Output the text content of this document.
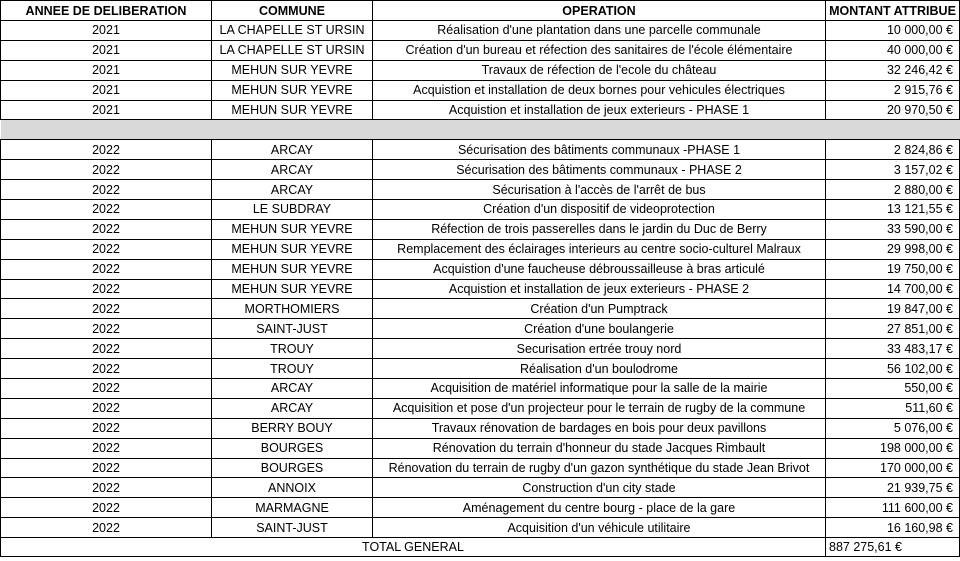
ANNEE DE DELIBERATION	COMMUNE	OPERATION	MONTANT ATTRIBUE
2021	LA CHAPELLE ST URSIN	Réalisation d'une plantation dans une parcelle communale	10 000,00 €
2021	LA CHAPELLE ST URSIN	Création d'un bureau et réfection des sanitaires de l'école élémentaire	40 000,00 €
2021	MEHUN SUR YEVRE	Travaux de réfection de l'ecole du château	32 246,42 €
2021	MEHUN SUR YEVRE	Acquistion et installation de deux bornes pour vehicules électriques	2 915,76 €
2021	MEHUN SUR YEVRE	Acquistion et installation de jeux exterieurs - PHASE 1	20 970,50 €

2022	ARCAY	Sécurisation des bâtiments communaux -PHASE 1	2 824,86 €
2022	ARCAY	Sécurisation des bâtiments communaux - PHASE 2	3 157,02 €
2022	ARCAY	Sécurisation à l'accès de l'arrêt de bus	2 880,00 €
2022	LE SUBDRAY	Création d'un dispositif de videoprotection	13 121,55 €
2022	MEHUN SUR YEVRE	Réfection de trois passerelles dans le jardin du Duc de Berry	33 590,00 €
2022	MEHUN SUR YEVRE	Remplacement des éclairages interieurs au centre socio-culturel Malraux	29 998,00 €
2022	MEHUN SUR YEVRE	Acquistion d'une faucheuse débroussailleuse à bras articulé	19 750,00 €
2022	MEHUN SUR YEVRE	Acquistion et installation de jeux exterieurs - PHASE 2	14 700,00 €
2022	MORTHOMIERS	Création d'un Pumptrack	19 847,00 €
2022	SAINT-JUST	Création d'une boulangerie	27 851,00 €
2022	TROUY	Securisation ertrée trouy nord	33 483,17 €
2022	TROUY	Réalisation d'un boulodrome	56 102,00 €
2022	ARCAY	Acquisition de matériel informatique pour la salle de la mairie	550,00 €
2022	ARCAY	Acquisition et pose d'un projecteur pour le terrain de rugby de la commune	511,60 €
2022	BERRY BOUY	Travaux rénovation de bardages en bois pour deux pavillons	5 076,00 €
2022	BOURGES	Rénovation du terrain d'honneur du stade Jacques Rimbault	198 000,00 €
2022	BOURGES	Rénovation du terrain de rugby d'un gazon synthétique du stade Jean Brivot	170 000,00 €
2022	ANNOIX	Construction d'un city stade	21 939,75 €
2022	MARMAGNE	Aménagement du centre bourg - place de la gare	111 600,00 €
2022	SAINT-JUST	Acquisition d'un véhicule utilitaire	16 160,98 €
TOTAL GENERAL			887 275,61 €
